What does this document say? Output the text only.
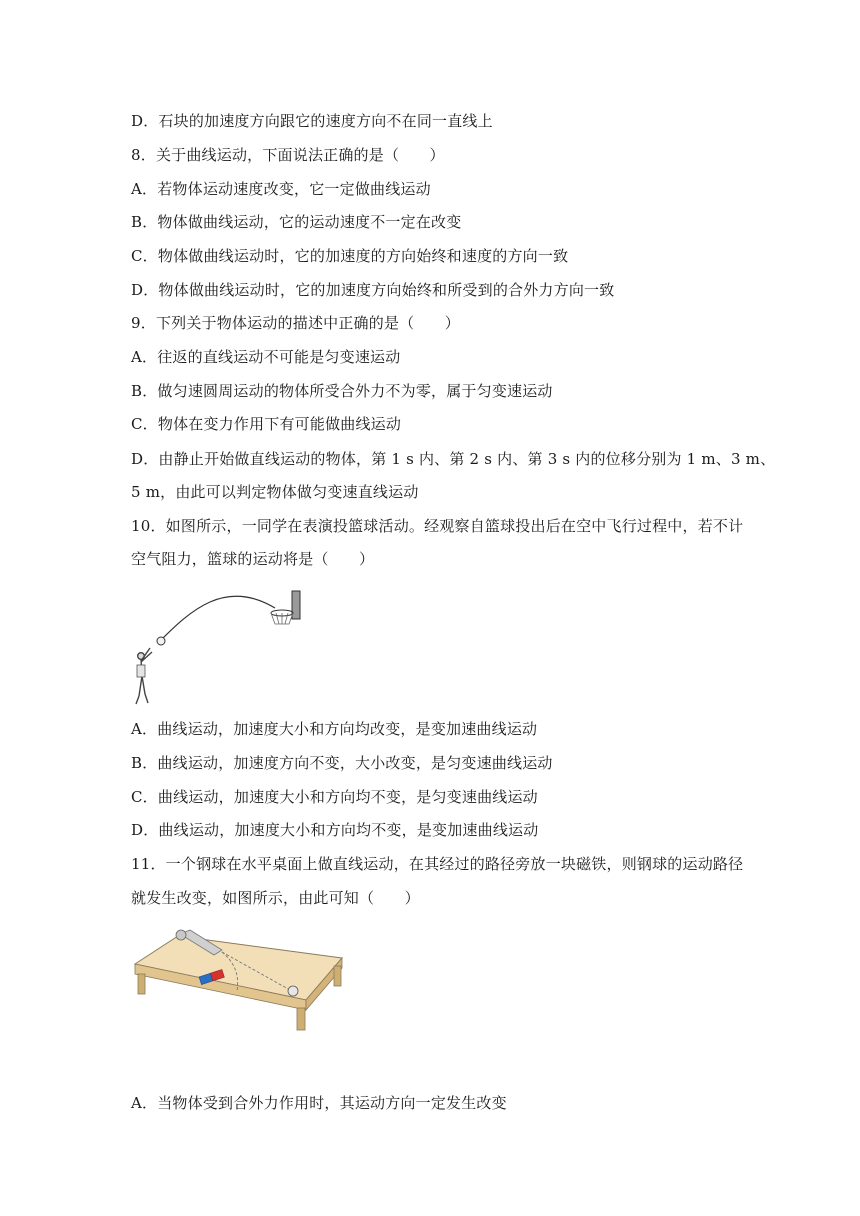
D．石块的加速度方向跟它的速度方向不在同一直线上
8．关于曲线运动，下面说法正确的是（　　）
A．若物体运动速度改变，它一定做曲线运动
B．物体做曲线运动，它的运动速度不一定在改变
C．物体做曲线运动时，它的加速度的方向始终和速度的方向一致
D．物体做曲线运动时，它的加速度方向始终和所受到的合外力方向一致
9．下列关于物体运动的描述中正确的是（　　）
A．往返的直线运动不可能是匀变速运动
B．做匀速圆周运动的物体所受合外力不为零，属于匀变速运动
C．物体在变力作用下有可能做曲线运动
D．由静止开始做直线运动的物体，第 1 s 内、第 2 s 内、第 3 s 内的位移分别为 1 m、3 m、
5 m，由此可以判定物体做匀变速直线运动
10．如图所示，一同学在表演投篮球活动。经观察自篮球投出后在空中飞行过程中，若不计
空气阻力，篮球的运动将是（　　）
A．曲线运动，加速度大小和方向均改变，是变加速曲线运动
B．曲线运动，加速度方向不变，大小改变，是匀变速曲线运动
C．曲线运动，加速度大小和方向均不变，是匀变速曲线运动
D．曲线运动，加速度大小和方向均不变，是变加速曲线运动
11．一个钢球在水平桌面上做直线运动，在其经过的路径旁放一块磁铁，则钢球的运动路径
就发生改变，如图所示，由此可知（　　）
A．当物体受到合外力作用时，其运动方向一定发生改变
